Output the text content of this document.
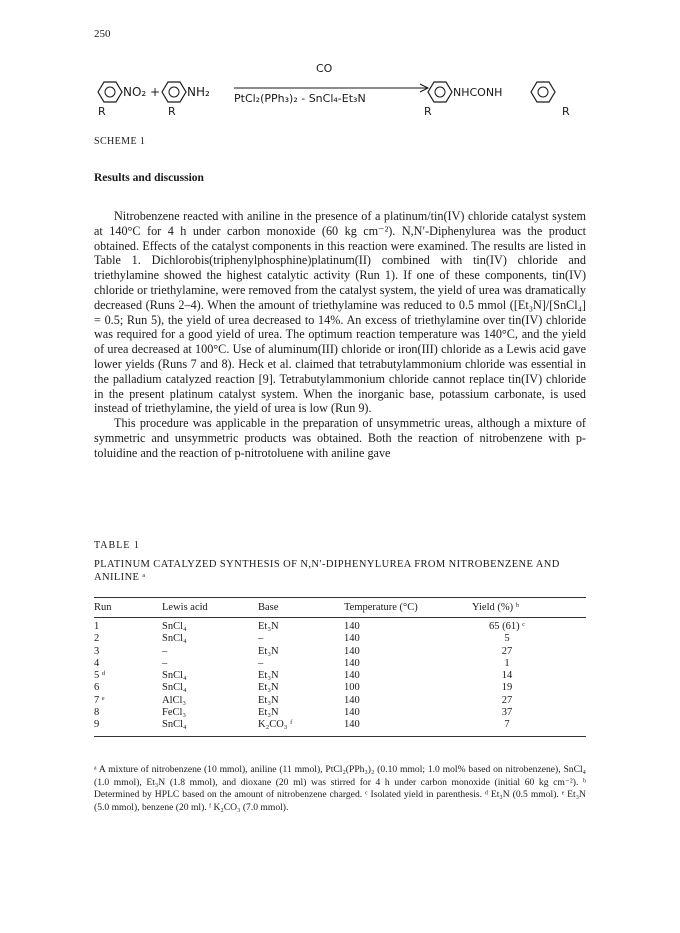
250
NO₂ +
R
NH₂
R
CO
PtCl₂(PPh₃)₂ - SnCl₄-Et₃N	NHCONH
R	R
SCHEME 1
Results and discussion

Nitrobenzene reacted with aniline in the presence of a platinum/tin(IV) chloride catalyst system at 140°C for 4 h under carbon monoxide (60 kg cm⁻²). N,N′-Diphenylurea was the product obtained. Effects of the catalyst components in this reaction were examined. The results are listed in Table 1. Dichlorobis(triphenylphosphine)platinum(II) combined with tin(IV) chloride and triethylamine showed the highest catalytic activity (Run 1). If one of these components, tin(IV) chloride or triethylamine, were removed from the catalyst system, the yield of urea was dramatically decreased (Runs 2–4). When the amount of triethylamine was reduced to 0.5 mmol ([Et₃N]/[SnCl₄] = 0.5; Run 5), the yield of urea decreased to 14%. An excess of triethylamine over tin(IV) chloride was required for a good yield of urea. The optimum reaction temperature was 140°C, and the yield of urea decreased at 100°C. Use of aluminum(III) chloride or iron(III) chloride as a Lewis acid gave lower yields (Runs 7 and 8). Heck et al. claimed that tetrabutylammonium chloride was essential in the palladium catalyzed reaction [9]. Tetrabutylammonium chloride cannot replace tin(IV) chloride in the present platinum catalyst system. When the inorganic base, potassium carbonate, is used instead of triethylamine, the yield of urea is low (Run 9).

This procedure was applicable in the preparation of unsymmetric ureas, although a mixture of symmetric and unsymmetric products was obtained. Both the reaction of nitrobenzene with p-toluidine and the reaction of p-nitrotoluene with aniline gave

TABLE 1
PLATINUM CATALYZED SYNTHESIS OF N,N′-DIPHENYLUREA FROM NITROBENZENE AND ANILINE ᵃ
Run	Lewis acid	Base	Temperature (°C)	Yield (%) ᵇ	
1	SnCl₄	Et₃N	140	65 (61) ᶜ	
2	SnCl₄	–	140	5	
3	–	Et₃N	140	27	
4	–	–	140	1	
5 ᵈ	SnCl₄	Et₃N	140	14	
6	SnCl₄	Et₃N	100	19	
7 ᵉ	AlCl₃	Et₃N	140	27	
8	FeCl₃	Et₃N	140	37	
9	SnCl₄	K₂CO₃ ᶠ	140	7	

ᵃ A mixture of nitrobenzene (10 mmol), aniline (11 mmol), PtCl₂(PPh₃)₂ (0.10 mmol; 1.0 mol% based on nitrobenzene), SnCl₄ (1.0 mmol), Et₃N (1.8 mmol), and dioxane (20 ml) was stirred for 4 h under carbon monoxide (initial 60 kg cm⁻²). ᵇ Determined by HPLC based on the amount of nitrobenzene charged. ᶜ Isolated yield in parenthesis. ᵈ Et₃N (0.5 mmol). ᵉ Et₃N (5.0 mmol), benzene (20 ml). ᶠ K₂CO₃ (7.0 mmol).
